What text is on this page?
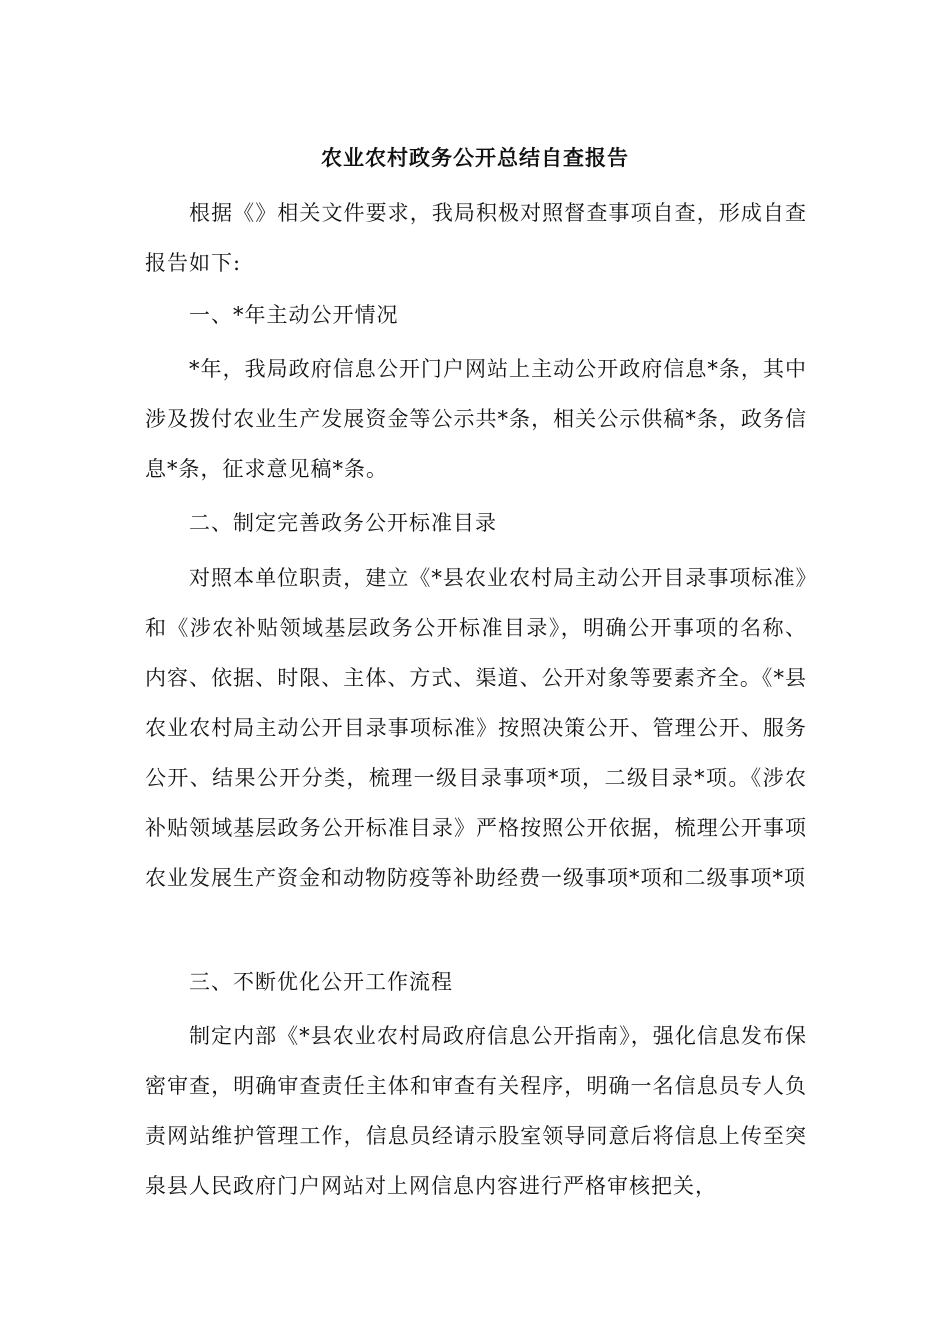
农业农村政务公开总结自查报告

根据《》相关文件要求，我局积极对照督查事项自查，形成自查报告如下:

一、*年主动公开情况

*年，我局政府信息公开门户网站上主动公开政府信息*条，其中涉及拨付农业生产发展资金等公示共*条，相关公示供稿*条，政务信息*条，征求意见稿*条。

二、制定完善政务公开标准目录

对照本单位职责，建立《*县农业农村局主动公开目录事项标准》和《涉农补贴领域基层政务公开标准目录》，明确公开事项的名称、内容、依据、时限、主体、方式、渠道、公开对象等要素齐全。《*县农业农村局主动公开目录事项标准》按照决策公开、管理公开、服务公开、结果公开分类，梳理一级目录事项*项，二级目录*项。《涉农补贴领域基层政务公开标准目录》严格按照公开依据，梳理公开事项农业发展生产资金和动物防疫等补助经费一级事项*项和二级事项*项

三、不断优化公开工作流程

制定内部《*县农业农村局政府信息公开指南》，强化信息发布保密审查，明确审查责任主体和审查有关程序，明确一名信息员专人负责网站维护管理工作，信息员经请示股室领导同意后将信息上传至突泉县人民政府门户网站对上网信息内容进行严格审核把关，
